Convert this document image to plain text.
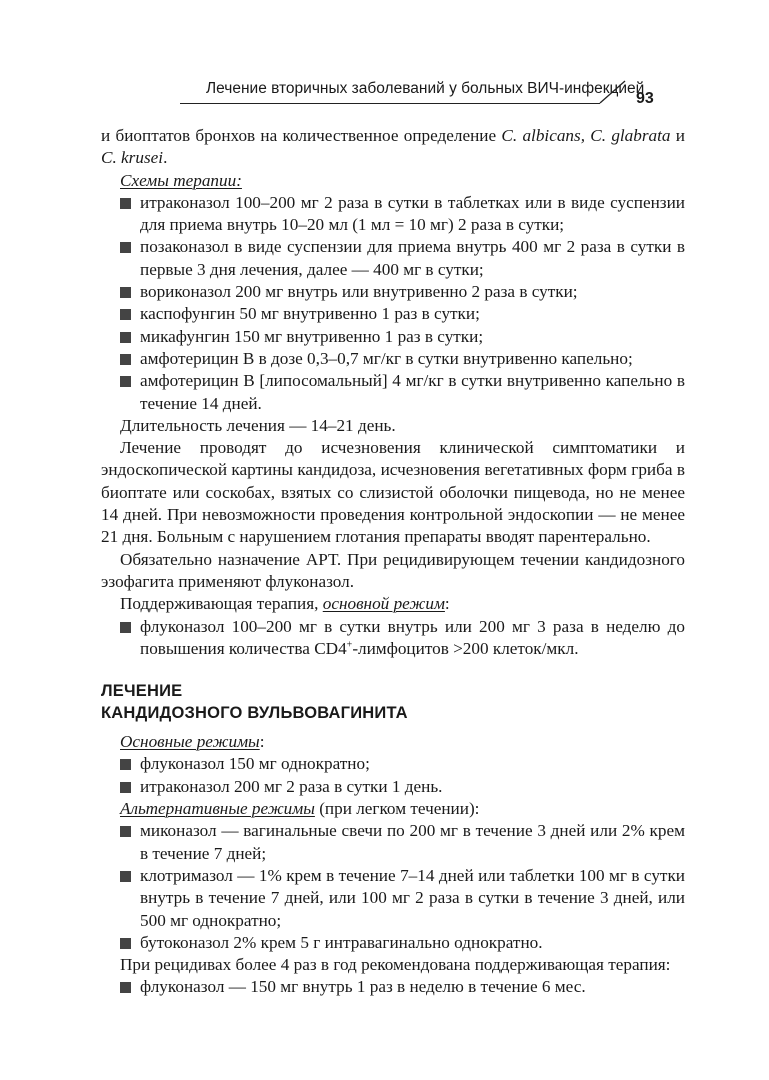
Лечение вторичных заболеваний у больных ВИЧ-инфекцией
93

и биоптатов бронхов на количественное определение C. albicans, C. glabrata и C. krusei.

Схемы терапии:

итраконазол 100–200 мг 2 раза в сутки в таблетках или в виде суспензии для приема внутрь 10–20 мл (1 мл = 10 мг) 2 раза в сутки;
позаконазол в виде суспензии для приема внутрь 400 мг 2 раза в сутки в первые 3 дня лечения, далее — 400 мг в сутки;
вориконазол 200 мг внутрь или внутривенно 2 раза в сутки;
каспофунгин 50 мг внутривенно 1 раз в сутки;
микафунгин 150 мг внутривенно 1 раз в сутки;
амфотерицин B в дозе 0,3–0,7 мг/кг в сутки внутривенно капельно;
амфотерицин B [липосомальный] 4 мг/кг в сутки внутривенно капельно в течение 14 дней.

Длительность лечения — 14–21 день.

Лечение проводят до исчезновения клинической симптоматики и эндоскопической картины кандидоза, исчезновения вегетативных форм гриба в биоптате или соскобах, взятых со слизистой оболочки пищевода, но не менее 14 дней. При невозможности проведения контрольной эндоскопии — не менее 21 дня. Больным с нарушением глотания препараты вводят парентерально.

Обязательно назначение АРТ. При рецидивирующем течении кандидозного эзофагита применяют флуконазол.

Поддерживающая терапия, основной режим:

флуконазол 100–200 мг в сутки внутрь или 200 мг 3 раза в неделю до повышения количества CD4+-лимфоцитов >200 клеток/мкл.
ЛЕЧЕНИЕ
КАНДИДОЗНОГО ВУЛЬВОВАГИНИТА

Основные режимы:

флуконазол 150 мг однократно;
итраконазол 200 мг 2 раза в сутки 1 день.

Альтернативные режимы (при легком течении):

миконазол — вагинальные свечи по 200 мг в течение 3 дней или 2% крем в течение 7 дней;
клотримазол — 1% крем в течение 7–14 дней или таблетки 100 мг в сутки внутрь в течение 7 дней, или 100 мг 2 раза в сутки в течение 3 дней, или 500 мг однократно;
бутоконазол 2% крем 5 г интравагинально однократно.

При рецидивах более 4 раз в год рекомендована поддерживающая терапия:

флуконазол — 150 мг внутрь 1 раз в неделю в течение 6 мес.
